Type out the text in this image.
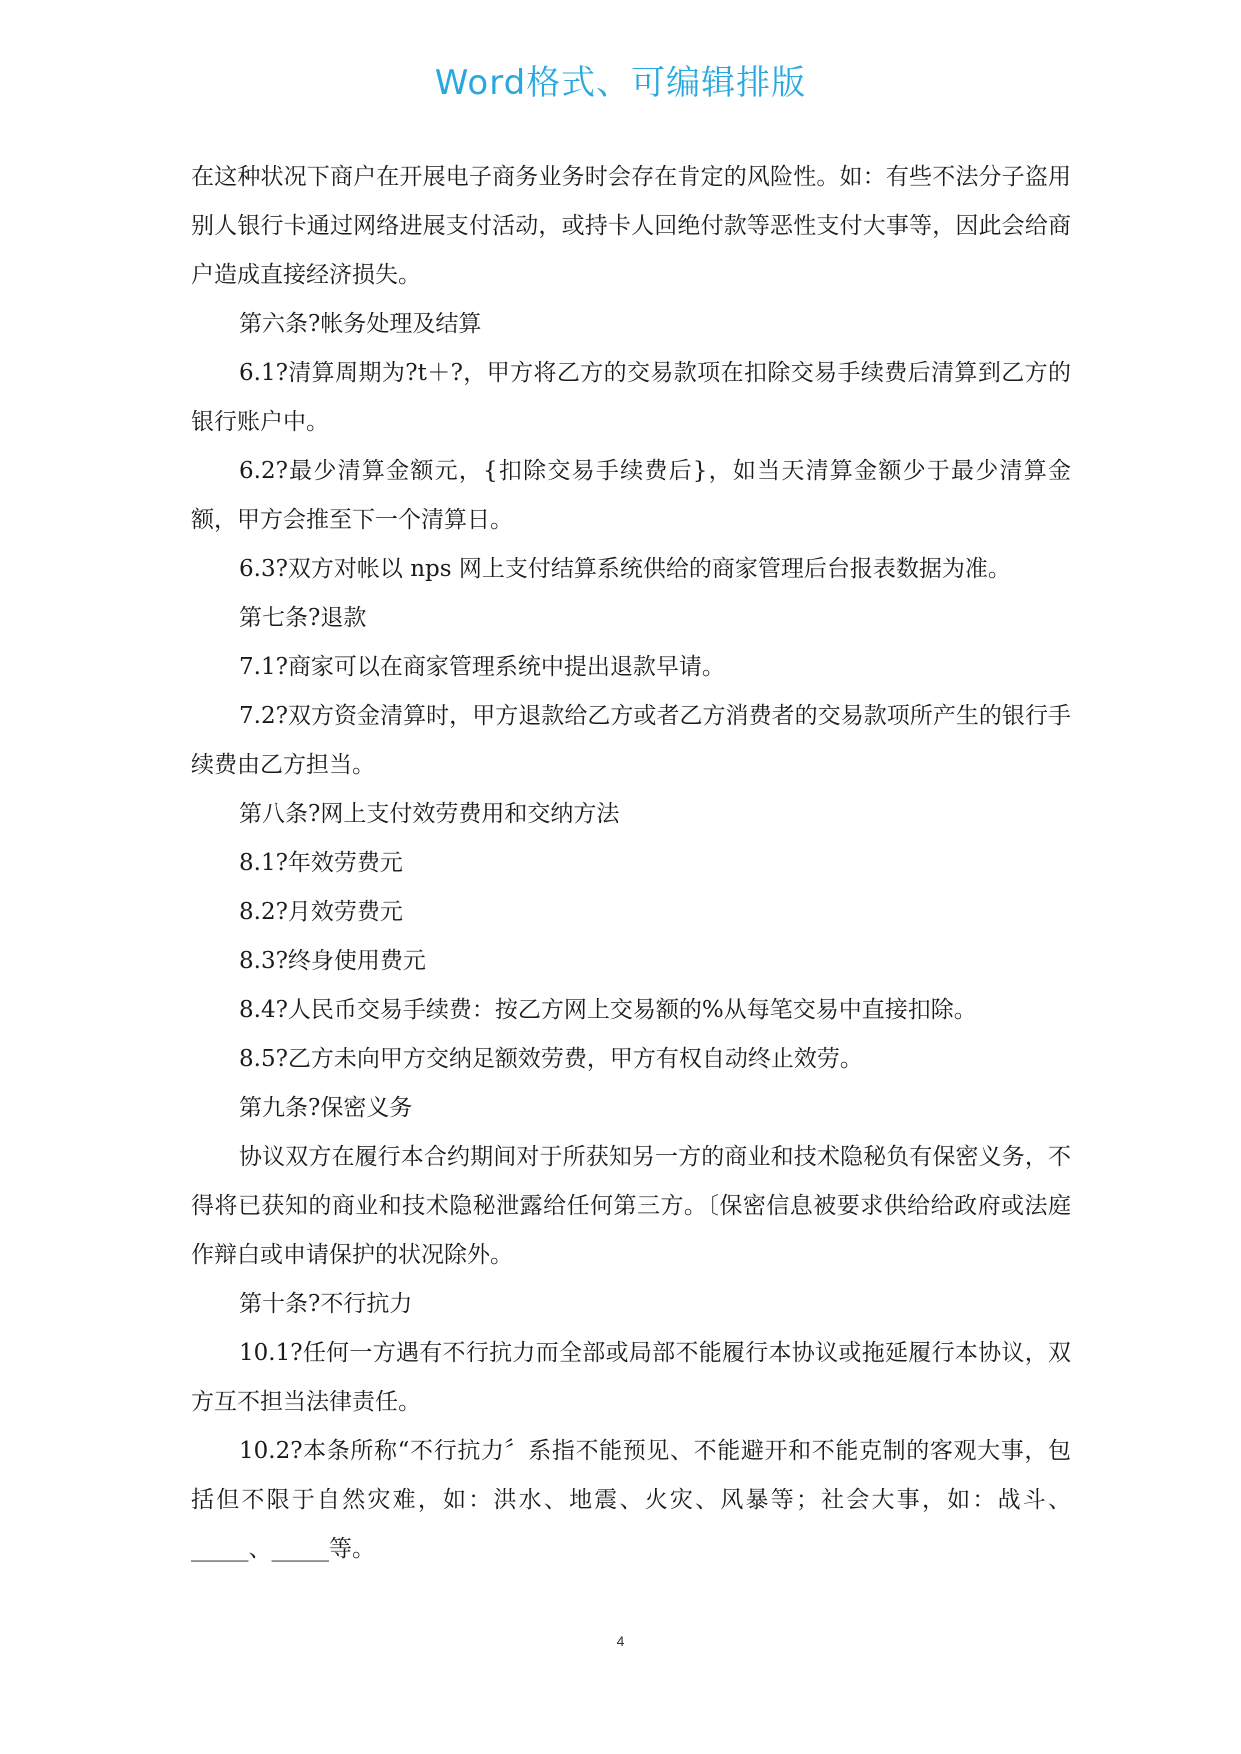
Word格式、可编辑排版

在这种状况下商户在开展电子商务业务时会存在肯定的风险性。如：有些不法分子盗用别人银行卡通过网络进展支付活动，或持卡人回绝付款等恶性支付大事等，因此会给商户造成直接经济损失。

第六条?帐务处理及结算

6.1?清算周期为?t＋?，甲方将乙方的交易款项在扣除交易手续费后清算到乙方的银行账户中。

6.2?最少清算金额元，{扣除交易手续费后}，如当天清算金额少于最少清算金额，甲方会推至下一个清算日。

6.3?双方对帐以 nps 网上支付结算系统供给的商家管理后台报表数据为准。

第七条?退款

7.1?商家可以在商家管理系统中提出退款早请。

7.2?双方资金清算时，甲方退款给乙方或者乙方消费者的交易款项所产生的银行手续费由乙方担当。

第八条?网上支付效劳费用和交纳方法

8.1?年效劳费元

8.2?月效劳费元

8.3?终身使用费元

8.4?人民币交易手续费：按乙方网上交易额的%从每笔交易中直接扣除。

8.5?乙方未向甲方交纳足额效劳费，甲方有权自动终止效劳。

第九条?保密义务

协议双方在履行本合约期间对于所获知另一方的商业和技术隐秘负有保密义务，不得将已获知的商业和技术隐秘泄露给任何第三方。〔保密信息被要求供给给政府或法庭作辩白或申请保护的状况除外。

第十条?不行抗力

10.1?任何一方遇有不行抗力而全部或局部不能履行本协议或拖延履行本协议，双方互不担当法律责任。

10.2?本条所称“不行抗力〞系指不能预见、不能避开和不能克制的客观大事，包括但不限于自然灾难，如：洪水、地震、火灾、风暴等；社会大事，如：战斗、_____、_____等。

4
